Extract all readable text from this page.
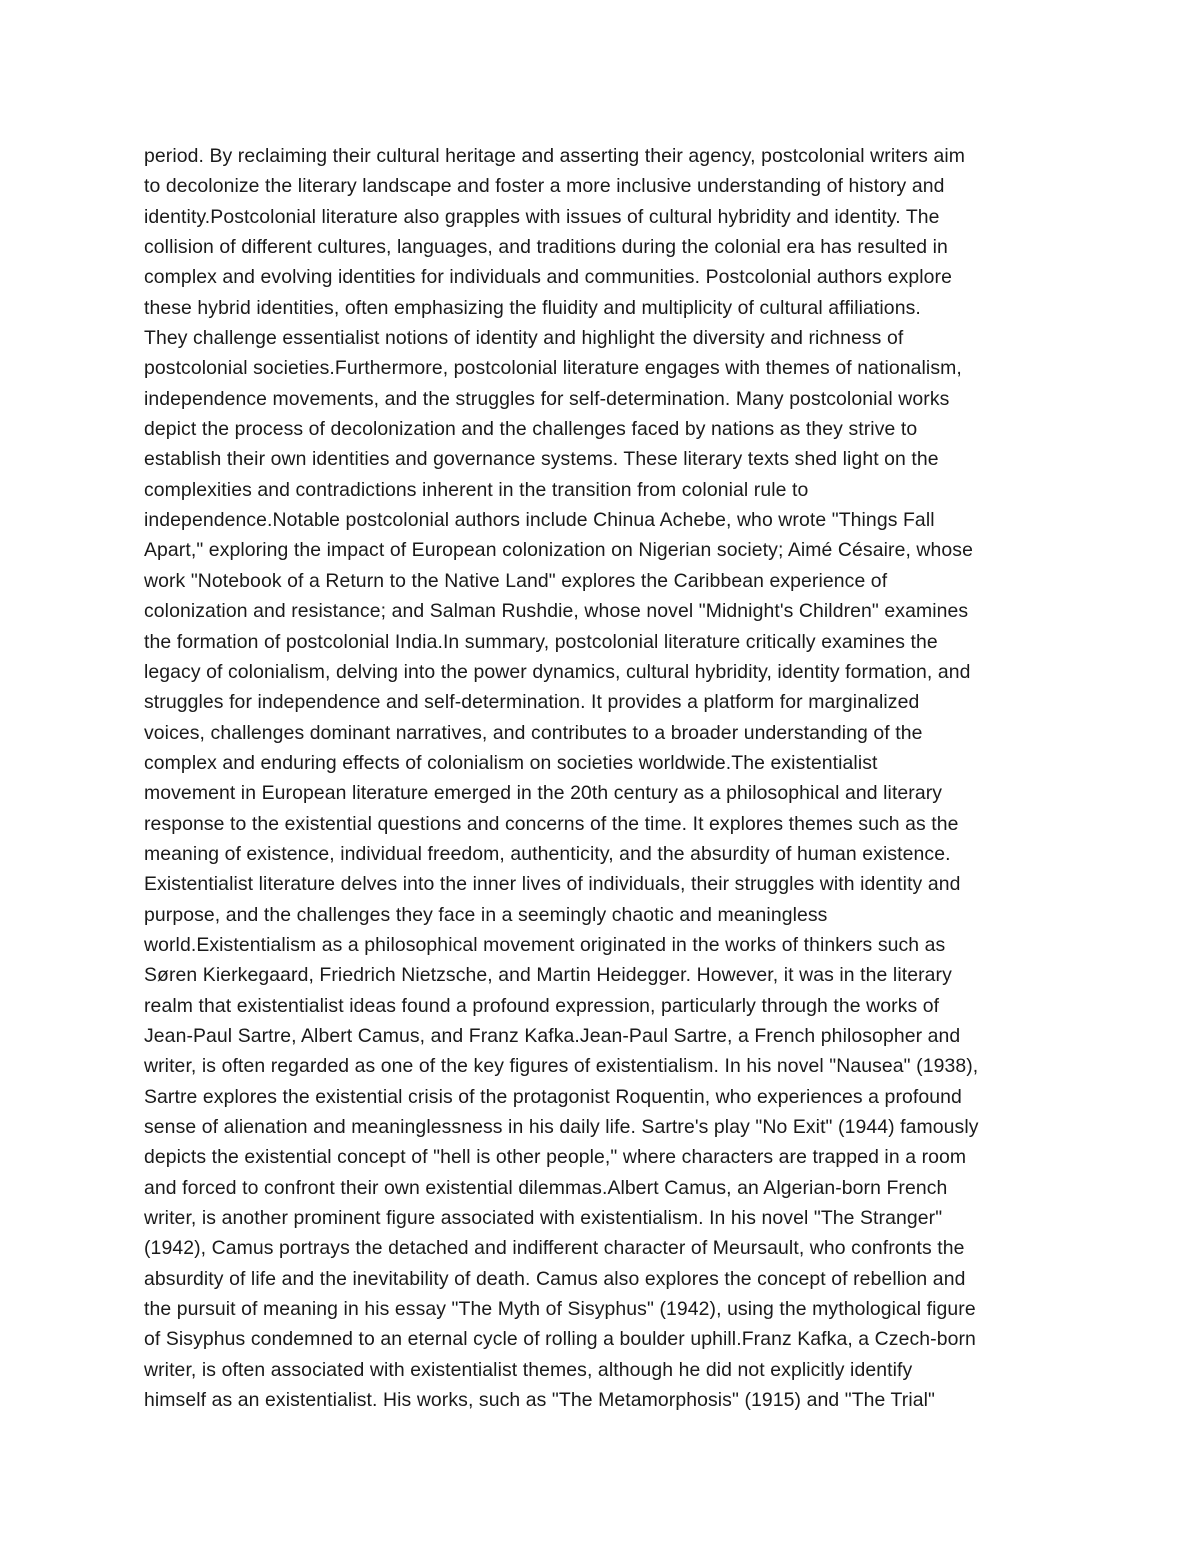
period. By reclaiming their cultural heritage and asserting their agency, postcolonial writers aim
to decolonize the literary landscape and foster a more inclusive understanding of history and
identity.Postcolonial literature also grapples with issues of cultural hybridity and identity. The
collision of different cultures, languages, and traditions during the colonial era has resulted in
complex and evolving identities for individuals and communities. Postcolonial authors explore
these hybrid identities, often emphasizing the fluidity and multiplicity of cultural affiliations.
They challenge essentialist notions of identity and highlight the diversity and richness of
postcolonial societies.Furthermore, postcolonial literature engages with themes of nationalism,
independence movements, and the struggles for self-determination. Many postcolonial works
depict the process of decolonization and the challenges faced by nations as they strive to
establish their own identities and governance systems. These literary texts shed light on the
complexities and contradictions inherent in the transition from colonial rule to
independence.Notable postcolonial authors include Chinua Achebe, who wrote "Things Fall
Apart," exploring the impact of European colonization on Nigerian society; Aimé Césaire, whose
work "Notebook of a Return to the Native Land" explores the Caribbean experience of
colonization and resistance; and Salman Rushdie, whose novel "Midnight's Children" examines
the formation of postcolonial India.In summary, postcolonial literature critically examines the
legacy of colonialism, delving into the power dynamics, cultural hybridity, identity formation, and
struggles for independence and self-determination. It provides a platform for marginalized
voices, challenges dominant narratives, and contributes to a broader understanding of the
complex and enduring effects of colonialism on societies worldwide.The existentialist
movement in European literature emerged in the 20th century as a philosophical and literary
response to the existential questions and concerns of the time. It explores themes such as the
meaning of existence, individual freedom, authenticity, and the absurdity of human existence.
Existentialist literature delves into the inner lives of individuals, their struggles with identity and
purpose, and the challenges they face in a seemingly chaotic and meaningless
world.Existentialism as a philosophical movement originated in the works of thinkers such as
Søren Kierkegaard, Friedrich Nietzsche, and Martin Heidegger. However, it was in the literary
realm that existentialist ideas found a profound expression, particularly through the works of
Jean-Paul Sartre, Albert Camus, and Franz Kafka.Jean-Paul Sartre, a French philosopher and
writer, is often regarded as one of the key figures of existentialism. In his novel "Nausea" (1938),
Sartre explores the existential crisis of the protagonist Roquentin, who experiences a profound
sense of alienation and meaninglessness in his daily life. Sartre's play "No Exit" (1944) famously
depicts the existential concept of "hell is other people," where characters are trapped in a room
and forced to confront their own existential dilemmas.Albert Camus, an Algerian-born French
writer, is another prominent figure associated with existentialism. In his novel "The Stranger"
(1942), Camus portrays the detached and indifferent character of Meursault, who confronts the
absurdity of life and the inevitability of death. Camus also explores the concept of rebellion and
the pursuit of meaning in his essay "The Myth of Sisyphus" (1942), using the mythological figure
of Sisyphus condemned to an eternal cycle of rolling a boulder uphill.Franz Kafka, a Czech-born
writer, is often associated with existentialist themes, although he did not explicitly identify
himself as an existentialist. His works, such as "The Metamorphosis" (1915) and "The Trial"
